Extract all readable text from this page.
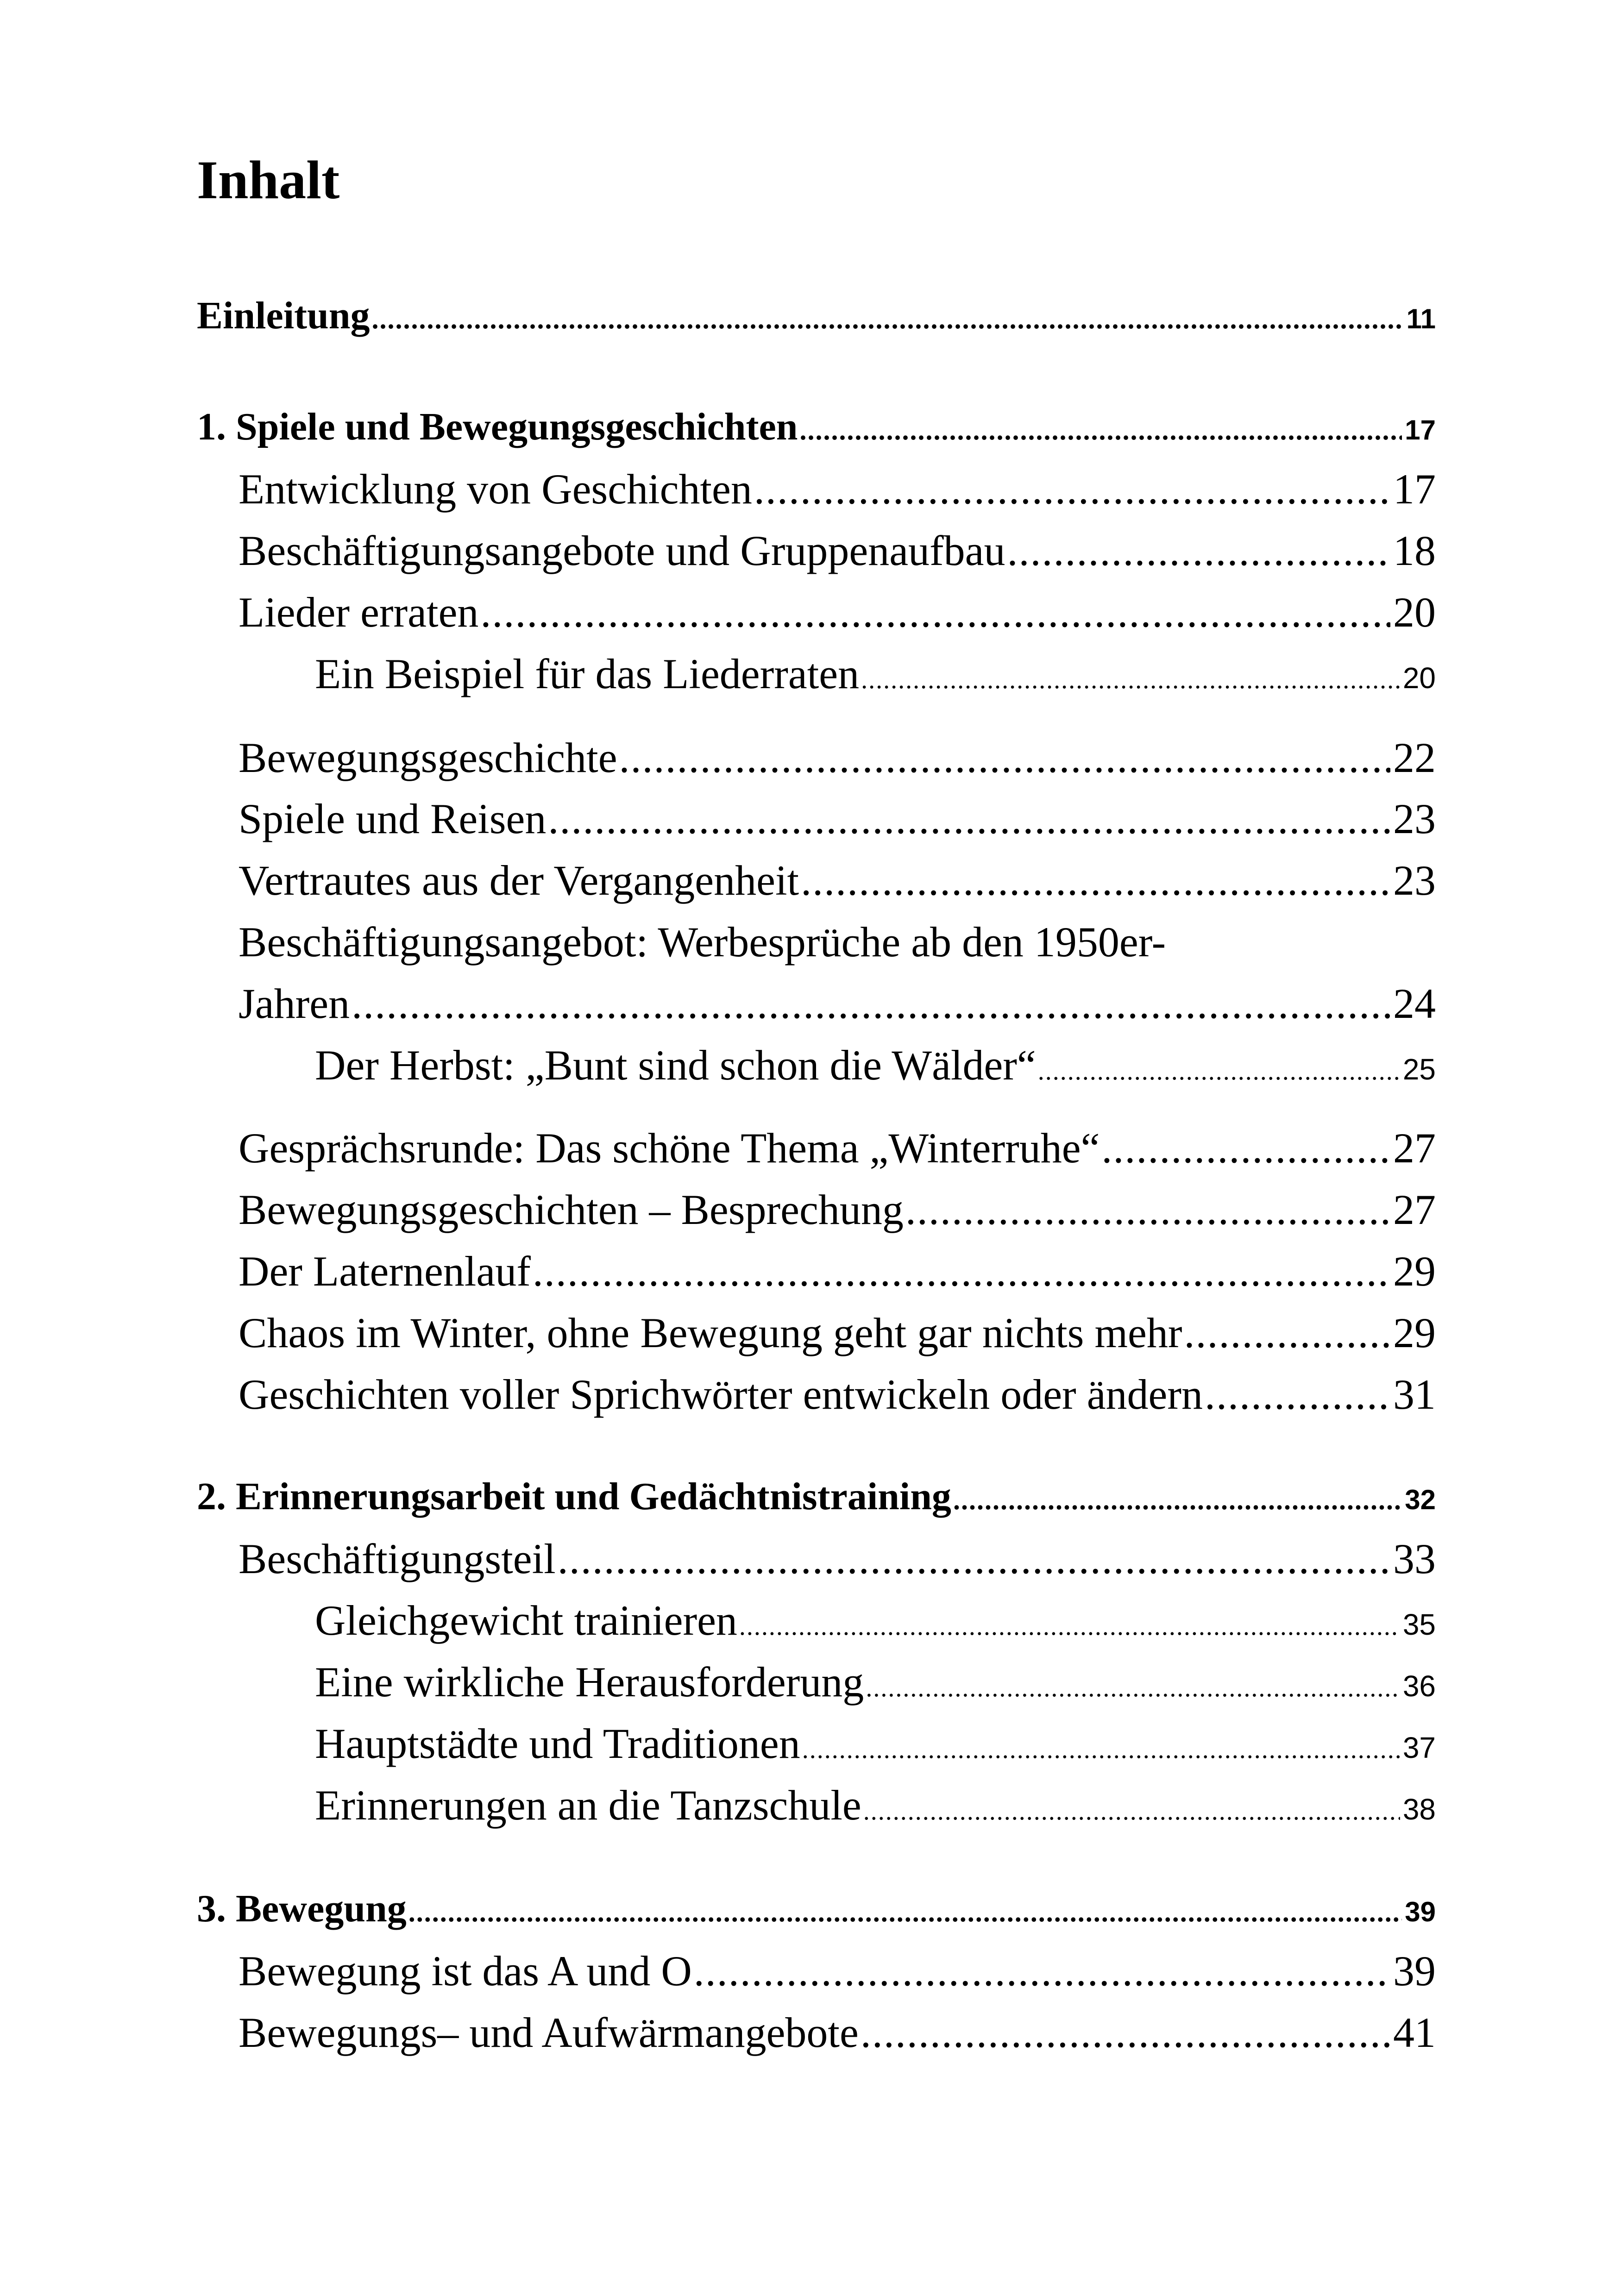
Inhalt
Einleitung .....	11
1. Spiele und Bewegungsgeschichten .....	17
Entwicklung von Geschichten .....	17
Beschäftigungsangebote und Gruppenaufbau .....	18
Lieder erraten .....	20
Ein Beispiel für das Liederraten .....	20
Bewegungsgeschichte .....	22
Spiele und Reisen .....	23
Vertrautes aus der Vergangenheit .....	23
Beschäftigungsangebot: Werbesprüche ab den 1950er-
Jahren .....	24
Der Herbst: „Bunt sind schon die Wälder“ .....	25
Gesprächsrunde: Das schöne Thema „Winterruhe“ .....	27
Bewegungsgeschichten – Besprechung .....	27
Der Laternenlauf .....	29
Chaos im Winter, ohne Bewegung geht gar nichts mehr .....	29
Geschichten voller Sprichwörter entwickeln oder ändern .....	31
2. Erinnerungsarbeit und Gedächtnistraining .....	32
Beschäftigungsteil .....	33
Gleichgewicht trainieren .....	35
Eine wirkliche Herausforderung .....	36
Hauptstädte und Traditionen .....	37
Erinnerungen an die Tanzschule .....	38
3. Bewegung .....	39
Bewegung ist das A und O .....	39
Bewegungs– und Aufwärmangebote .....	41
